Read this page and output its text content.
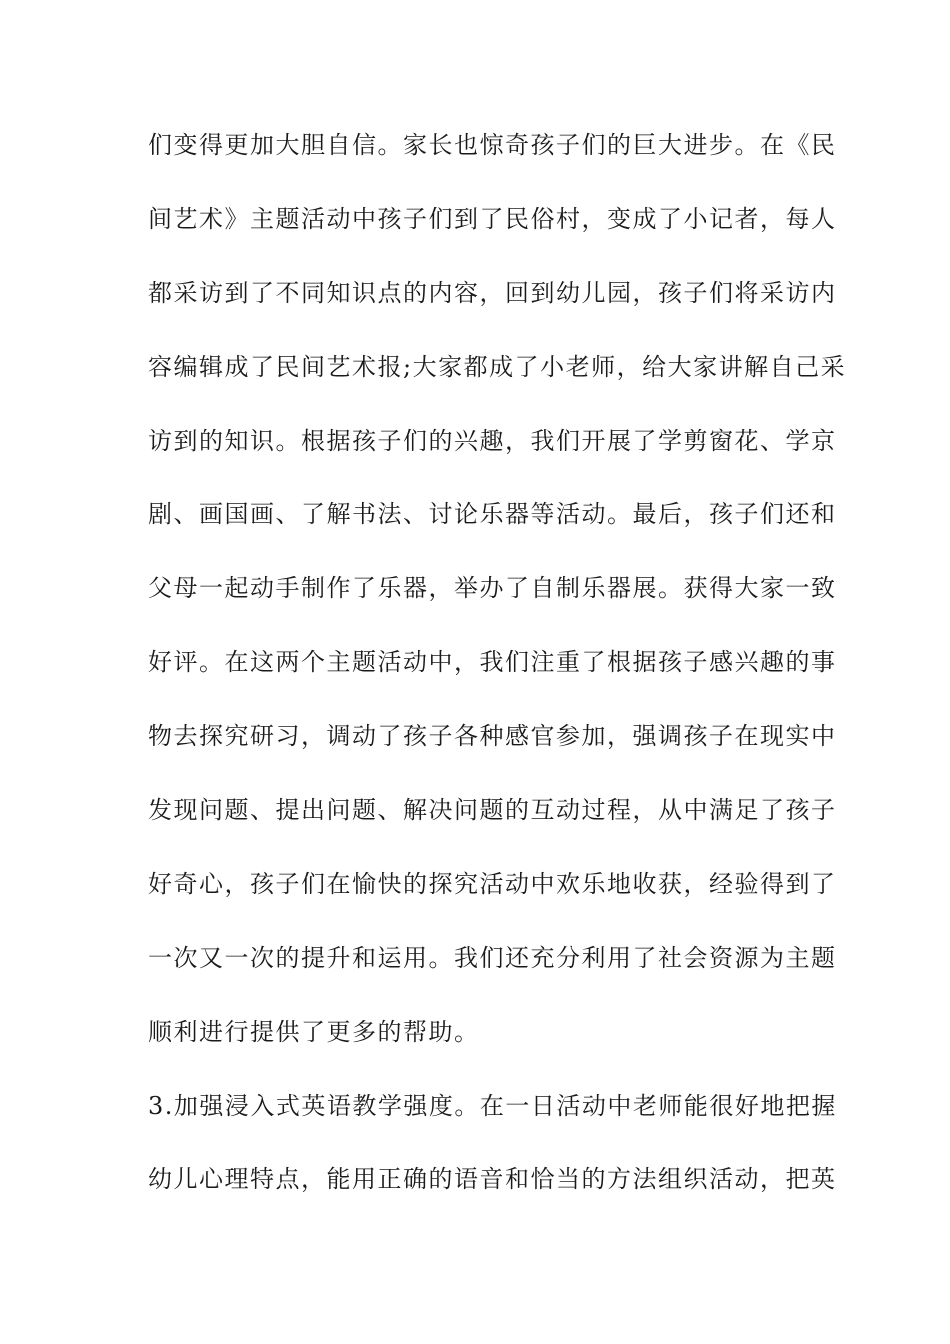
们变得更加大胆自信。家长也惊奇孩子们的巨大进步。在《民
间艺术》主题活动中孩子们到了民俗村，变成了小记者，每人
都采访到了不同知识点的内容，回到幼儿园，孩子们将采访内
容编辑成了民间艺术报;大家都成了小老师，给大家讲解自己采
访到的知识。根据孩子们的兴趣，我们开展了学剪窗花、学京
剧、画国画、了解书法、讨论乐器等活动。最后，孩子们还和
父母一起动手制作了乐器，举办了自制乐器展。获得大家一致
好评。在这两个主题活动中，我们注重了根据孩子感兴趣的事
物去探究研习，调动了孩子各种感官参加，强调孩子在现实中
发现问题、提出问题、解决问题的互动过程，从中满足了孩子
好奇心，孩子们在愉快的探究活动中欢乐地收获，经验得到了
一次又一次的提升和运用。我们还充分利用了社会资源为主题
顺利进行提供了更多的帮助。
3.加强浸入式英语教学强度。在一日活动中老师能很好地把握
幼儿心理特点，能用正确的语音和恰当的方法组织活动，把英
